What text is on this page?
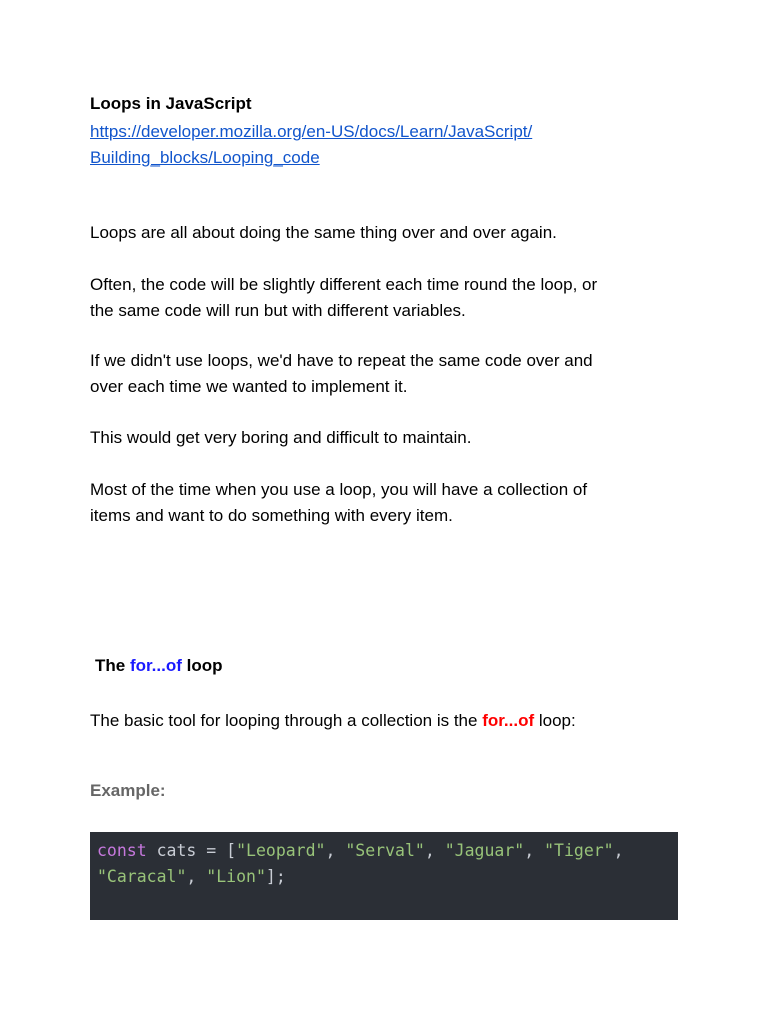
Loops in JavaScript
https://developer.mozilla.org/en-US/docs/Learn/JavaScript/
Building_blocks/Looping_code

Loops are all about doing the same thing over and over again.

Often, the code will be slightly different each time round the loop, or
the same code will run but with different variables.

If we didn't use loops, we'd have to repeat the same code over and
over each time we wanted to implement it.

This would get very boring and difficult to maintain.

Most of the time when you use a loop, you will have a collection of
items and want to do something with every item.

The for...of loop
The basic tool for looping through a collection is the for...of loop:
Example:
const cats = ["Leopard", "Serval", "Jaguar", "Tiger",
"Caracal", "Lion"];
